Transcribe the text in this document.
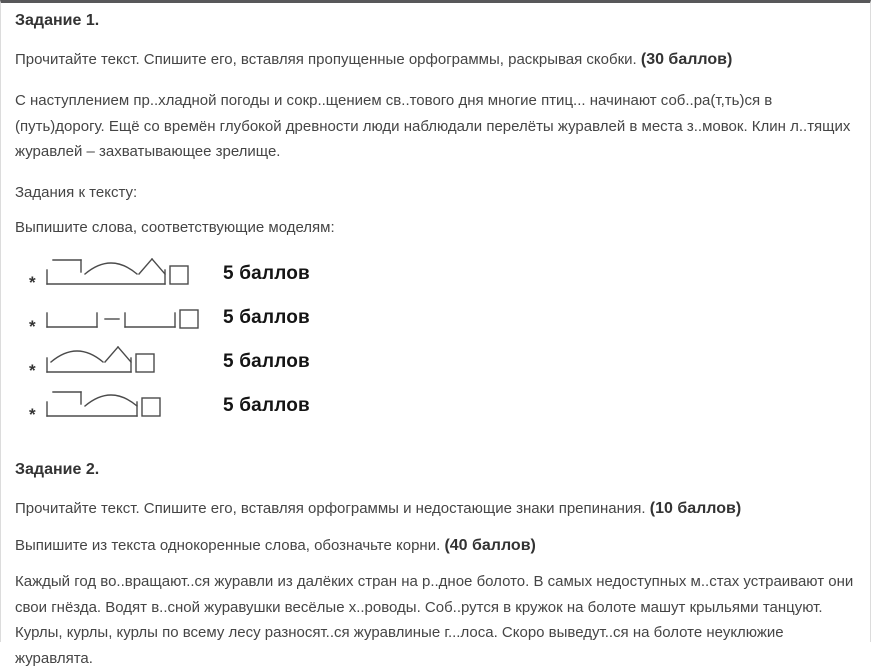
Задание 1.

Прочитайте текст. Спишите его, вставляя пропущенные орфограммы, раскрывая скобки. (30 баллов)

С наступлением пр..хладной погоды и сокр..щением св..тового дня многие птиц... начинают соб..ра(т,ть)ся в (путь)дорогу. Ещё со времён глубокой древности люди наблюдали перелёты журавлей в места з..мовок. Клин л..тящих журавлей – захватывающее зрелище.

Задания к тексту:

Выпишите слова, соответствующие моделям:

*	5 баллов
*	5 баллов
*	5 баллов
*	5 баллов
Задание 2.

Прочитайте текст. Спишите его, вставляя орфограммы и недостающие знаки препинания. (10 баллов)

Выпишите из текста однокоренные слова, обозначьте корни. (40 баллов)

Каждый год во..вращают..ся журавли из далёких стран на р..дное болото. В самых недоступных м..стах устраивают они свои гнёзда. Водят в..сной журавушки весёлые х..роводы. Соб..рутся в кружок на болоте машут крыльями танцуют. Курлы, курлы, курлы по всему лесу разносят..ся журавлиные г...лоса. Скоро выведут..ся на болоте неуклюжие журавлята.
